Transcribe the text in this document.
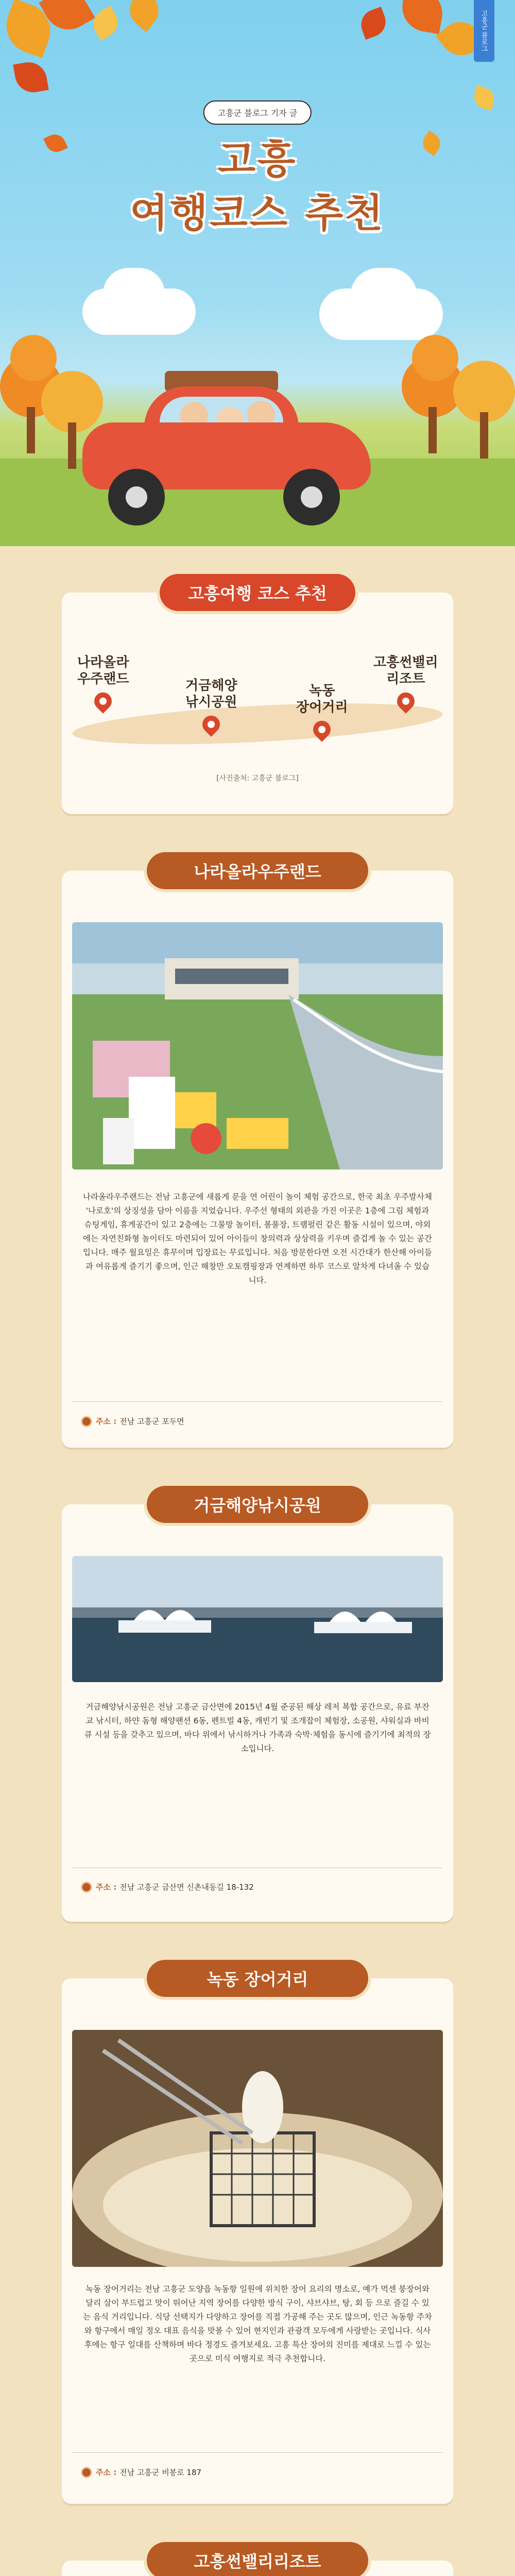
고흥군 블로그
고흥군 블로그 기자 글
고흥
여행코스 추천
고흥여행 코스 추천
나라올라
우주랜드	거금해양
낚시공원
녹동
장어거리
고흥썬밸리
리조트
[사진출처: 고흥군 블로그]
나라올라우주랜드

나라올라우주랜드는 전남 고흥군에 새롭게 문을 연 어린이 놀이 체험 공간으로, 한국 최초 우주발사체 '나로호'의 상징성을 담아 이름을 지었습니다. 우주선 형태의 외관을 가진 이곳은 1층에 그림 체험과 슈팅게임, 휴게공간이 있고 2층에는 그물망 놀이터, 볼풀장, 트램펄린 같은 활동 시설이 있으며, 야외에는 자연친화형 놀이터도 마련되어 있어 아이들이 창의력과 상상력을 키우며 즐겁게 놀 수 있는 공간입니다. 매주 월요일은 휴무이며 입장료는 무료입니다. 처음 방문한다면 오전 시간대가 한산해 아이들과 여유롭게 즐기기 좋으며, 인근 해창만 오토캠핑장과 연계하면 하루 코스로 알차게 다녀올 수 있습니다.

주소 : 전남 고흥군 포두면
거금해양낚시공원

거금해양낚시공원은 전남 고흥군 금산면에 2015년 4월 준공된 해상 레저 복합 공간으로, 유료 부잔교 낚시터, 하얀 돔형 해양팬션 6동, 펜트빌 4동, 캐빈기 및 조개잡이 체험장, 소공원, 샤워실과 바비큐 시설 등을 갖추고 있으며, 바다 위에서 낚시하거나 가족과 숙박·체험을 동시에 즐기기에 최적의 장소입니다.

주소 : 전남 고흥군 금산면 신촌내동길 18-132
녹동 장어거리

녹동 장어거리는 전남 고흥군 도양읍 녹동항 일원에 위치한 장어 요리의 명소로, 예가 먹센 붕장어와 달리 살이 부드럽고 맛이 뛰어난 지역 장어를 다양한 방식 구이, 샤브샤브, 탕, 회 등 으로 즐길 수 있는 음식 거리입니다. 식당 선택지가 다양하고 장어를 직접 가공해 주는 곳도 많으며, 인근 녹동항 주차와 항구에서 매일 정오 대표 음식을 맛볼 수 있어 현지인과 관광객 모두에게 사랑받는 곳입니다. 식사 후에는 항구 일대를 산책하며 바다 정경도 즐겨보세요. 고흥 특산 장어의 진미를 제대로 느낄 수 있는 곳으로 미식 여행지로 적극 추천합니다.

주소 : 전남 고흥군 비봉로 187
고흥썬밸리리조트
